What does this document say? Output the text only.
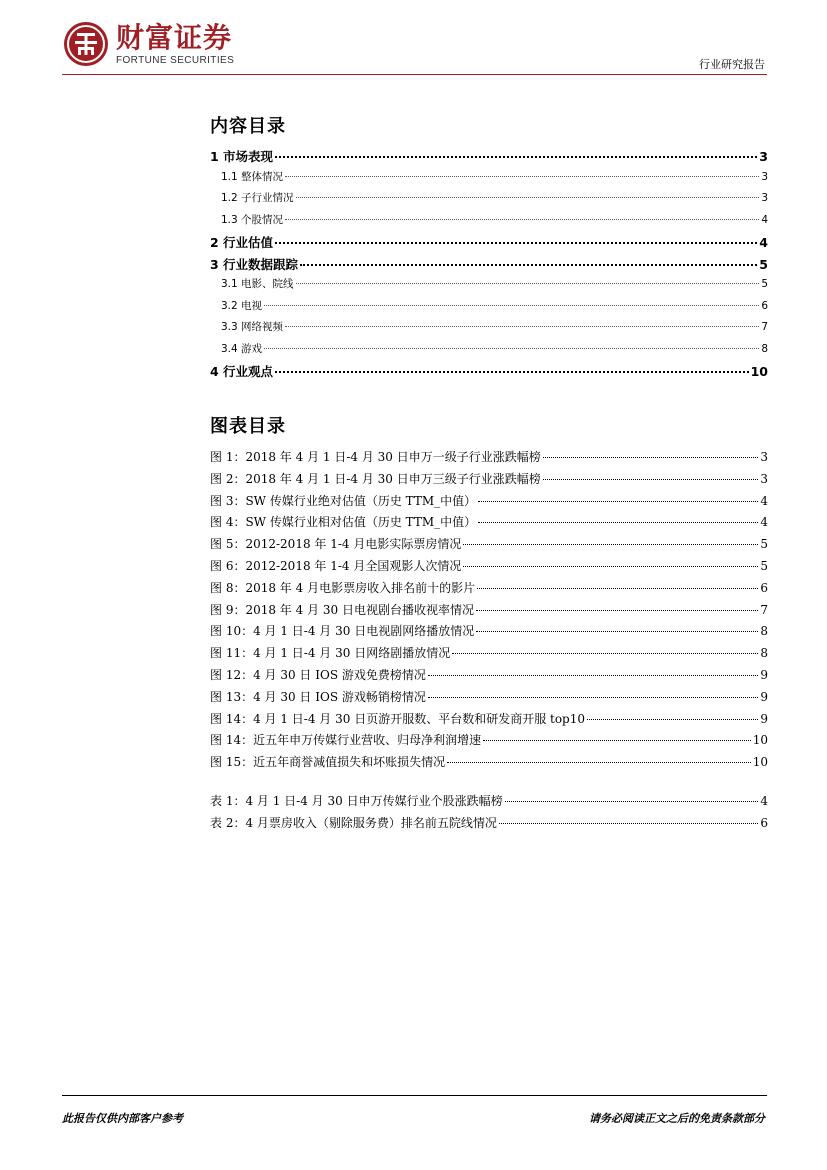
财富证券
FORTUNE SECURITIES	行业研究报告
内容目录
1 市场表现	3
1.1 整体情况	3
1.2 子行业情况	3
1.3 个股情况	4
2 行业估值	4
3 行业数据跟踪	5
3.1 电影、院线	5
3.2 电视	6
3.3 网络视频	7
3.4 游戏	8
4 行业观点	10
图表目录
图 1：2018 年 4 月 1 日-4 月 30 日申万一级子行业涨跌幅榜	3
图 2：2018 年 4 月 1 日-4 月 30 日申万三级子行业涨跌幅榜	3
图 3：SW 传媒行业绝对估值（历史 TTM_中值）	4
图 4：SW 传媒行业相对估值（历史 TTM_中值）	4
图 5：2012-2018 年 1-4 月电影实际票房情况	5
图 6：2012-2018 年 1-4 月全国观影人次情况	5
图 8：2018 年 4 月电影票房收入排名前十的影片	6
图 9：2018 年 4 月 30 日电视剧台播收视率情况	7
图 10：4 月 1 日-4 月 30 日电视剧网络播放情况	8
图 11：4 月 1 日-4 月 30 日网络剧播放情况	8
图 12：4 月 30 日 IOS 游戏免费榜情况	9
图 13：4 月 30 日 IOS 游戏畅销榜情况	9
图 14：4 月 1 日-4 月 30 日页游开服数、平台数和研发商开服 top10	9
图 14：近五年申万传媒行业营收、归母净利润增速	10
图 15：近五年商誉减值损失和坏账损失情况	10
表 1：4 月 1 日-4 月 30 日申万传媒行业个股涨跌幅榜	4
表 2：4 月票房收入（剔除服务费）排名前五院线情况	6
此报告仅供内部客户参考	请务必阅读正文之后的免责条款部分
